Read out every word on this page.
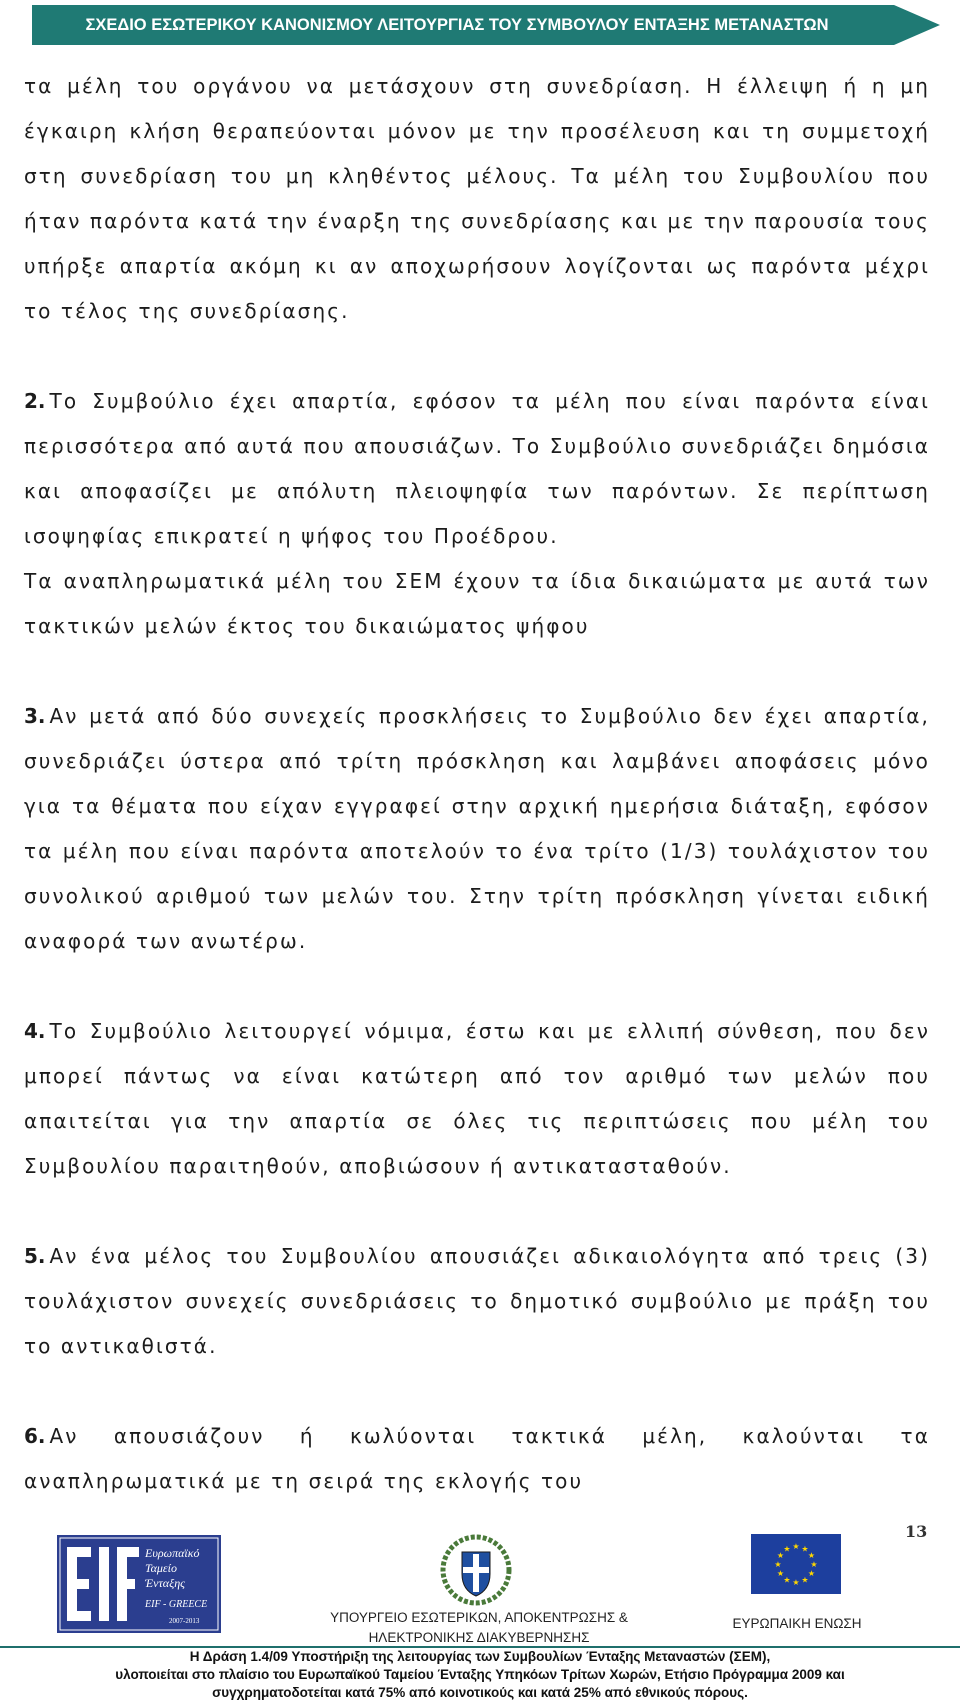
ΣΧΕΔΙΟ ΕΣΩΤΕΡΙΚΟΥ ΚΑΝΟΝΙΣΜΟΥ ΛΕΙΤΟΥΡΓΙΑΣ ΤΟΥ ΣΥΜΒΟΥΛΟΥ ΕΝΤΑΞΗΣ ΜΕΤΑΝΑΣΤΩΝ

τα μέλη του οργάνου να μετάσχουν στη συνεδρίαση. Η έλλειψη ή η μη έγκαιρη κλήση θεραπεύονται μόνον με την προσέλευση και τη συμμετοχή στη συνεδρίαση του μη κληθέντος μέλους. Τα μέλη του Συμβουλίου που ήταν παρόντα κατά την έναρξη της συνεδρίασης και με την παρουσία τους υπήρξε απαρτία ακόμη κι αν αποχωρήσουν λογίζονται ως παρόντα μέχρι το τέλος της συνεδρίασης.

2. Το Συμβούλιο έχει απαρτία, εφόσον τα μέλη που είναι παρόντα είναι περισσότερα από αυτά που απουσιάζων. Το Συμβούλιο συνεδριάζει δημόσια και αποφασίζει με απόλυτη πλειοψηφία των παρόντων. Σε περίπτωση ισοψηφίας επικρατεί η ψήφος του Προέδρου.

Τα αναπληρωματικά μέλη του ΣΕΜ έχουν τα ίδια δικαιώματα με αυτά των τακτικών μελών έκτος του δικαιώματος ψήφου

3. Αν μετά από δύο συνεχείς προσκλήσεις το Συμβούλιο δεν έχει απαρτία, συνεδριάζει ύστερα από τρίτη πρόσκληση και λαμβάνει αποφάσεις μόνο για τα θέματα που είχαν εγγραφεί στην αρχική ημερήσια διάταξη, εφόσον τα μέλη που είναι παρόντα αποτελούν το ένα τρίτο (1/3) τουλάχιστον του συνολικού αριθμού των μελών του. Στην τρίτη πρόσκληση γίνεται ειδική αναφορά των ανωτέρω.

4. Το Συμβούλιο λειτουργεί νόμιμα, έστω και με ελλιπή σύνθεση, που δεν μπορεί πάντως να είναι κατώτερη από τον αριθμό των μελών που απαιτείται για την απαρτία σε όλες τις περιπτώσεις που μέλη του Συμβουλίου παραιτηθούν, αποβιώσουν ή αντικατασταθούν.

5. Αν ένα μέλος του Συμβουλίου απουσιάζει αδικαιολόγητα από τρεις (3) τουλάχιστον συνεχείς συνεδριάσεις το δημοτικό συμβούλιο με πράξη του το αντικαθιστά.

6. Αν απουσιάζουν ή κωλύονται τακτικά μέλη, καλούνται τα αναπληρωματικά με τη σειρά της εκλογής του

13
Ευρωπαϊκό
Ταμείο
Ένταξης
EIF - GREECE
2007-2013	ΥΠΟΥΡΓΕΙΟ ΕΣΩΤΕΡΙΚΩΝ, ΑΠΟΚΕΝΤΡΩΣΗΣ &
ΗΛΕΚΤΡΟΝΙΚΗΣ ΔΙΑΚΥΒΕΡΝΗΣΗΣ
★ ★
★
★
★
★
★
★
★
★
★
★
ΕΥΡΩΠΑΙΚΗ ΕΝΩΣΗ
Η Δράση 1.4/09 Υποστήριξη της λειτουργίας των Συμβουλίων Ένταξης Μεταναστών (ΣΕΜ),
υλοποιείται στο πλαίσιο του Ευρωπαϊκού Ταμείου Ένταξης Υπηκόων Τρίτων Χωρών, Ετήσιο Πρόγραμμα 2009 και
συγχρηματοδοτείται κατά 75% από κοινοτικούς και κατά 25% από εθνικούς πόρους.
